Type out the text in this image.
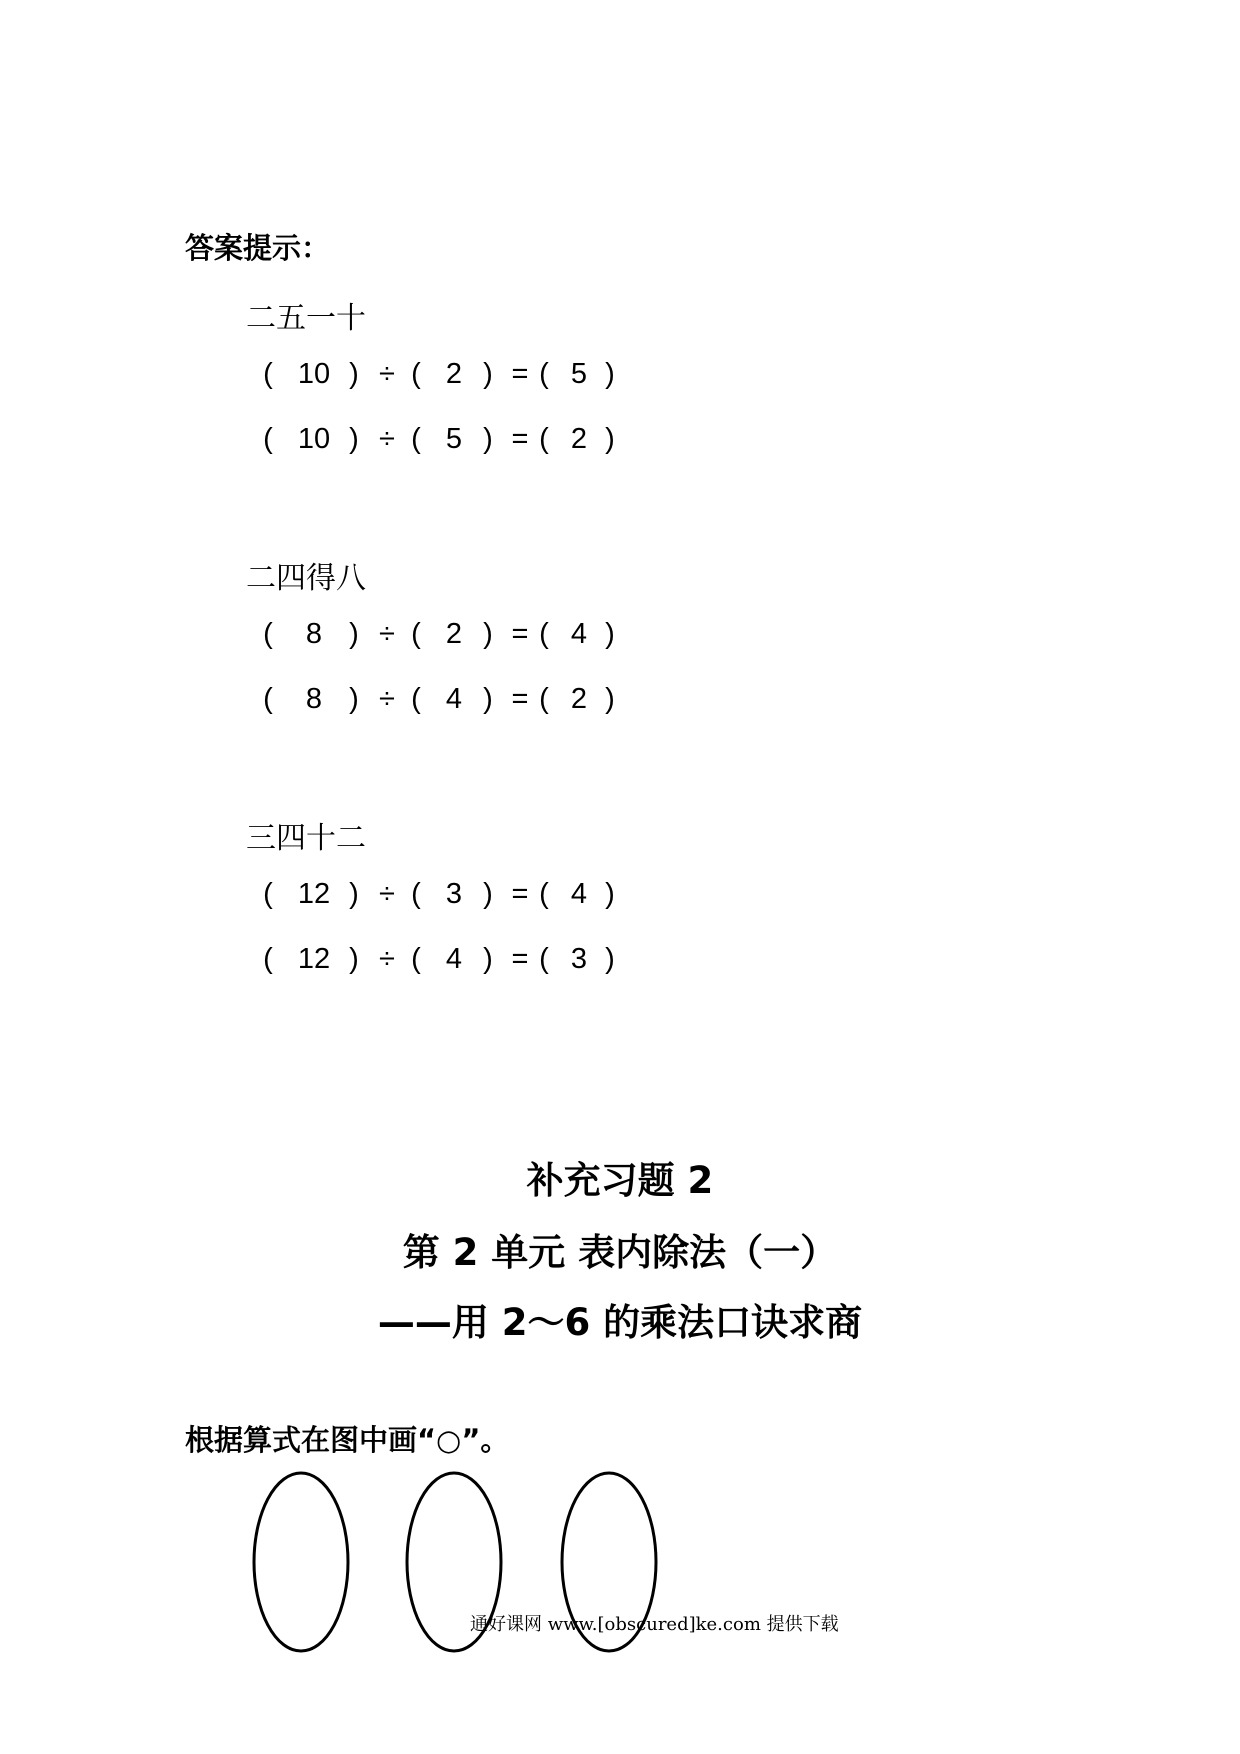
答案提示：
二五一十
( 10 ) ÷ ( 2 ) = ( 5 )
( 10 ) ÷ ( 5 ) = ( 2 )
二四得八
(	8 ) ÷ ( 2 ) = ( 4 )
(	8 ) ÷ ( 4 ) = ( 2 )
三四十二
( 12 ) ÷ ( 3 ) = ( 4 )
( 12 ) ÷ ( 4 ) = ( 3 )
补充习题 2
第 2 单元 表内除法（一）
——用 2～6 的乘法口诀求商
根据算式在图中画“○”。
通好课网 www.[obscured]ke.com 提供下载
